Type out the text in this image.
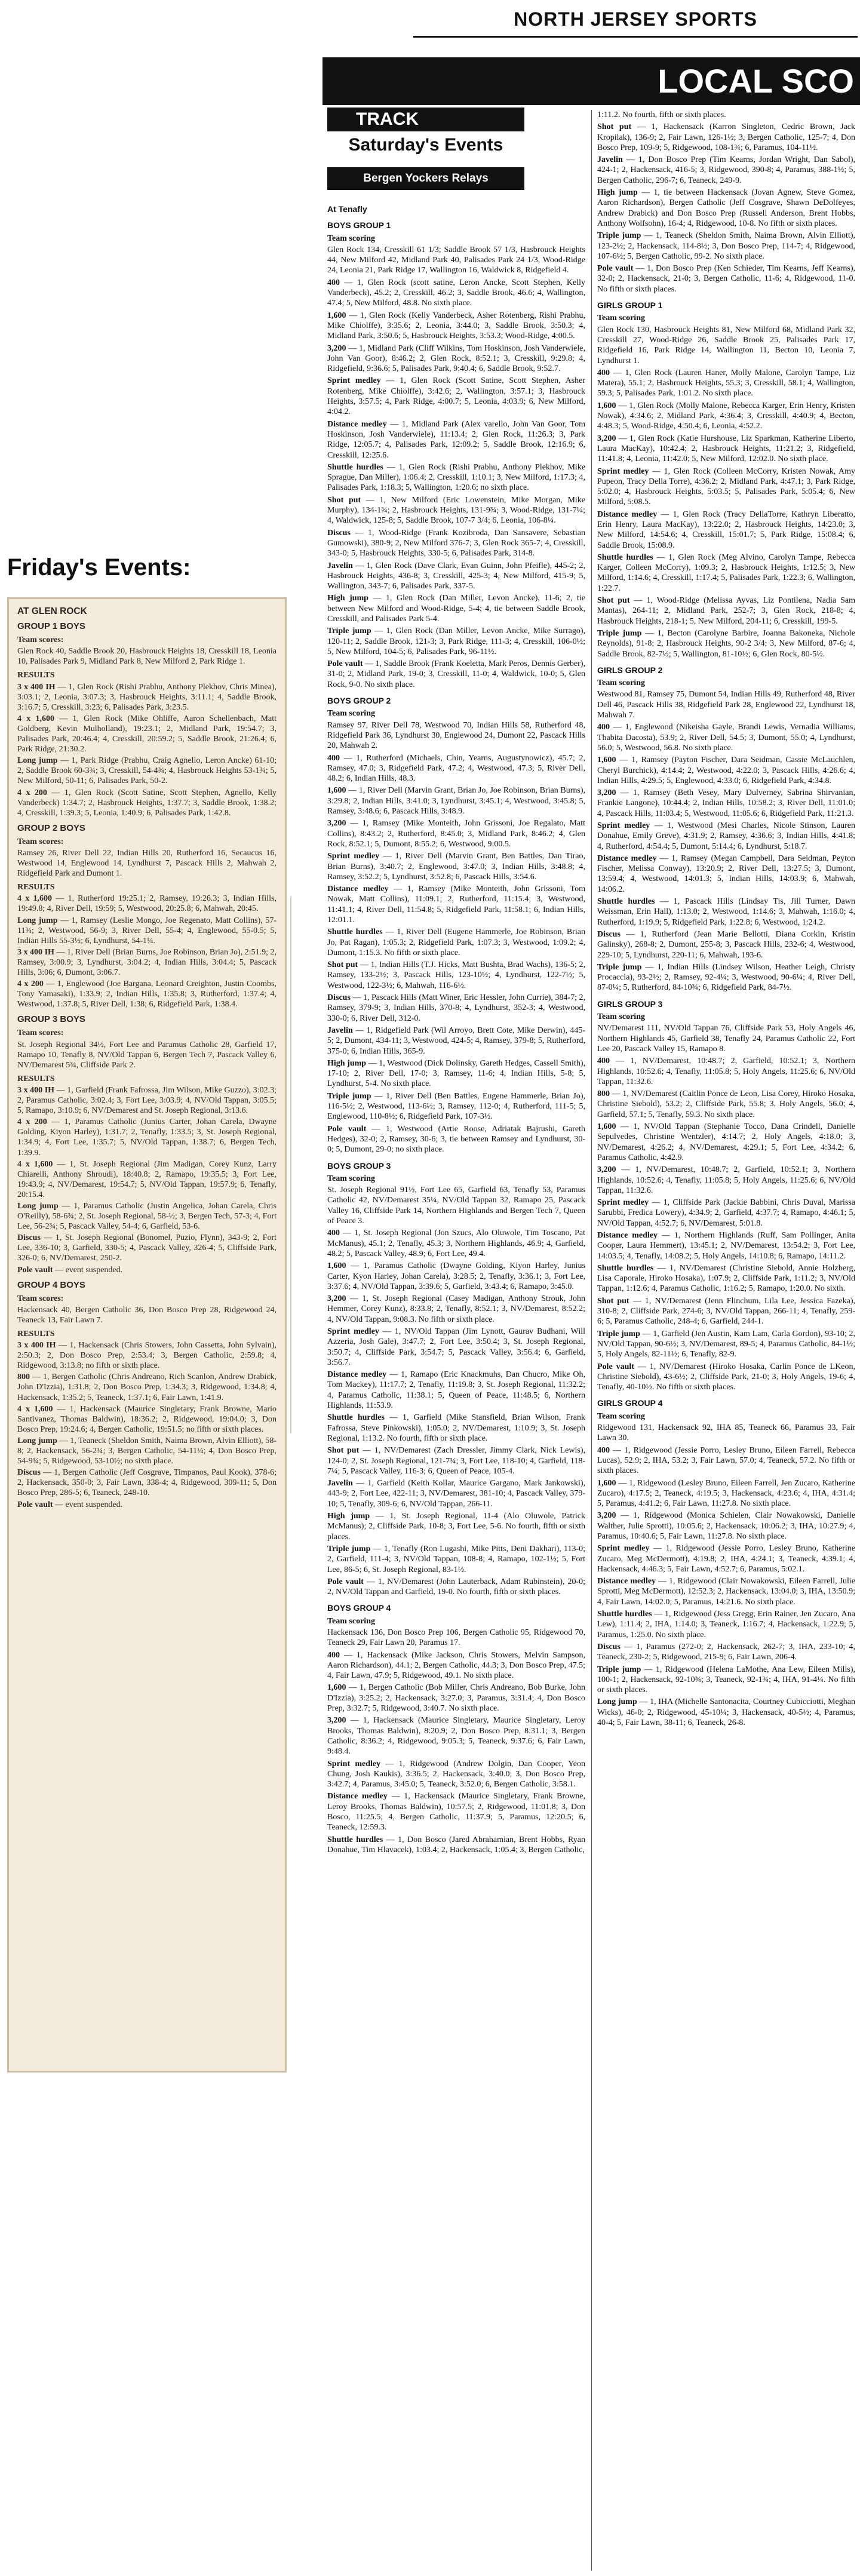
Friday's Events:
AT GLEN ROCK
GROUP 1 BOYS
Team scores:
Glen Rock 40, Saddle Brook 20, Hasbrouck Heights 18, Cresskill 18, Leonia 10, Palisades Park 9, Midland Park 8, New Milford 2, Park Ridge 1.
RESULTS
3 x 400 IH — 1, Glen Rock (Rishi Prabhu, Anthony Plekhov, Chris Minea), 3:03.1; 2, Leonia, 3:07.3; 3, Hasbrouck Heights, 3:11.1; 4, Saddle Brook, 3:16.7; 5, Cresskill, 3:23; 6, Palisades Park, 3:23.5.
4 x 1,600 — 1, Glen Rock (Mike Ohliffe, Aaron Schellenbach, Matt Goldberg, Kevin Mulholland), 19:23.1; 2, Midland Park, 19:54.7; 3, Palisades Park, 20:46.4; 4, Cresskill, 20:59.2; 5, Saddle Brook, 21:26.4; 6, Park Ridge, 21:30.2.
Long jump — 1, Park Ridge (Prabhu, Craig Agnello, Leron Ancke) 61-10; 2, Saddle Brook 60-3¾; 3, Cresskill, 54-4¾; 4, Hasbrouck Heights 53-1¾; 5, New Milford, 50-11; 6, Palisades Park, 50-2.
4 x 200 — 1, Glen Rock (Scott Satine, Scott Stephen, Agnello, Kelly Vanderbeck) 1:34.7; 2, Hasbrouck Heights, 1:37.7; 3, Saddle Brook, 1:38.2; 4, Cresskill, 1:39.3; 5, Leonia, 1:40.9; 6, Palisades Park, 1:42.8.
GROUP 2 BOYS
Team scores:
Ramsey 26, River Dell 22, Indian Hills 20, Rutherford 16, Secaucus 16, Westwood 14, Englewood 14, Lyndhurst 7, Pascack Hills 2, Mahwah 2, Ridgefield Park and Dumont 1.
RESULTS
4 x 1,600 — 1, Rutherford 19:25.1; 2, Ramsey, 19:26.3; 3, Indian Hills, 19:49.8; 4, River Dell, 19:59; 5, Westwood, 20:25.8; 6, Mahwah, 20:45.
Long jump — 1, Ramsey (Leslie Mongo, Joe Regenato, Matt Collins), 57-11¾; 2, Westwood, 56-9; 3, River Dell, 55-4; 4, Englewood, 55-0.5; 5, Indian Hills 55-3½; 6, Lyndhurst, 54-1¼.
3 x 400 IH — 1, River Dell (Brian Burns, Joe Robinson, Brian Jo), 2:51.9; 2, Ramsey, 3:00.9; 3, Lyndhurst, 3:04.2; 4, Indian Hills, 3:04.4; 5, Pascack Hills, 3:06; 6, Dumont, 3:06.7.
4 x 200 — 1, Englewood (Joe Bargana, Leonard Creighton, Justin Coombs, Tony Yamasaki), 1:33.9; 2, Indian Hills, 1:35.8; 3, Rutherford, 1:37.4; 4, Westwood, 1:37.8; 5, River Dell, 1:38; 6, Ridgefield Park, 1:38.4.
GROUP 3 BOYS
Team scores:
St. Joseph Regional 34½, Fort Lee and Paramus Catholic 28, Garfield 17, Ramapo 10, Tenafly 8, NV/Old Tappan 6, Bergen Tech 7, Pascack Valley 6, NV/Demarest 5¾, Cliffside Park 2.
RESULTS
3 x 400 IH — 1, Garfield (Frank Fafrossa, Jim Wilson, Mike Guzzo), 3:02.3; 2, Paramus Catholic, 3:02.4; 3, Fort Lee, 3:03.9; 4, NV/Old Tappan, 3:05.5; 5, Ramapo, 3:10.9; 6, NV/Demarest and St. Joseph Regional, 3:13.6.
4 x 200 — 1, Paramus Catholic (Junius Carter, Johan Carela, Dwayne Golding, Kiyon Harley), 1:31.7; 2, Tenafly, 1:33.5; 3, St. Joseph Regional, 1:34.9; 4, Fort Lee, 1:35.7; 5, NV/Old Tappan, 1:38.7; 6, Bergen Tech, 1:39.9.
4 x 1,600 — 1, St. Joseph Regional (Jim Madigan, Corey Kunz, Larry Chiarelli, Anthony Shroudi), 18:40.8; 2, Ramapo, 19:35.5; 3, Fort Lee, 19:43.9; 4, NV/Demarest, 19:54.7; 5, NV/Old Tappan, 19:57.9; 6, Tenafly, 20:15.4.
Long jump — 1, Paramus Catholic (Justin Angelica, Johan Carela, Chris O'Reilly), 58-6¾; 2, St. Joseph Regional, 58-½; 3, Bergen Tech, 57-3; 4, Fort Lee, 56-2¾; 5, Pascack Valley, 54-4; 6, Garfield, 53-6.
Discus — 1, St. Joseph Regional (Bonomel, Puzio, Flynn), 343-9; 2, Fort Lee, 336-10; 3, Garfield, 330-5; 4, Pascack Valley, 326-4; 5, Cliffside Park, 326-0; 6, NV/Demarest, 250-2.
Pole vault — event suspended.
GROUP 4 BOYS
Team scores:
Hackensack 40, Bergen Catholic 36, Don Bosco Prep 28, Ridgewood 24, Teaneck 13, Fair Lawn 7.
RESULTS
3 x 400 IH — 1, Hackensack (Chris Stowers, John Cassetta, John Sylvain), 2:50.3; 2, Don Bosco Prep, 2:53.4; 3, Bergen Catholic, 2:59.8; 4, Ridgewood, 3:13.8; no fifth or sixth place.
800 — 1, Bergen Catholic (Chris Andreano, Rich Scanlon, Andrew Drabick, John D'Izzia), 1:31.8; 2, Don Bosco Prep, 1:34.3; 3, Ridgewood, 1:34.8; 4, Hackensack, 1:35.2; 5, Teaneck, 1:37.1; 6, Fair Lawn, 1:41.9.
4 x 1,600 — 1, Hackensack (Maurice Singletary, Frank Browne, Mario Santivanez, Thomas Baldwin), 18:36.2; 2, Ridgewood, 19:04.0; 3, Don Bosco Prep, 19:24.6; 4, Bergen Catholic, 19:51.5; no fifth or sixth places.
Long jump — 1, Teaneck (Sheldon Smith, Naima Brown, Alvin Elliott), 58-8; 2, Hackensack, 56-2¾; 3, Bergen Catholic, 54-11¼; 4, Don Bosco Prep, 54-9¾; 5, Ridgewood, 53-10½; no sixth place.
Discus — 1, Bergen Catholic (Jeff Cosgrave, Timpanos, Paul Kook), 378-6; 2, Hackensack, 350-0; 3, Fair Lawn, 338-4; 4, Ridgewood, 309-11; 5, Don Bosco Prep, 286-5; 6, Teaneck, 248-10.
Pole vault — event suspended.
NORTH JERSEY SPORTS
LOCAL SCO
TRACK
Saturday's Events
Bergen Yockers Relays
At Tenafly
BOYS GROUP 1
Team scoring
Glen Rock 134, Cresskill 61 1/3; Saddle Brook 57 1/3, Hasbrouck Heights 44, New Milford 42, Midland Park 40, Palisades Park 24 1/3, Wood-Ridge 24, Leonia 21, Park Ridge 17, Wallington 16, Waldwick 8, Ridgefield 4.
400 — 1, Glen Rock (scott satine, Leron Ancke, Scott Stephen, Kelly Vanderbeck), 45.2; 2, Cresskill, 46.2; 3, Saddle Brook, 46.6; 4, Wallington, 47.4; 5, New Milford, 48.8. No sixth place.
1,600 — 1, Glen Rock (Kelly Vanderbeck, Asher Rotenberg, Rishi Prabhu, Mike Chiolffe), 3:35.6; 2, Leonia, 3:44.0; 3, Saddle Brook, 3:50.3; 4, Midland Park, 3:50.6; 5, Hasbrouck Heights, 3:53.3; Wood-Ridge, 4:00.5.
3,200 — 1, Midland Park (Cliff Wilkins, Tom Hoskinson, Josh Vanderwiele, John Van Goor), 8:46.2; 2, Glen Rock, 8:52.1; 3, Cresskill, 9:29.8; 4, Ridgefield, 9:36.6; 5, Palisades Park, 9:40.4; 6, Saddle Brook, 9:52.7.
Sprint medley — 1, Glen Rock (Scott Satine, Scott Stephen, Asher Rotenberg, Mike Chiolffe), 3:42.6; 2, Wallington, 3:57.1; 3, Hasbrouck Heights, 3:57.5; 4, Park Ridge, 4:00.7; 5, Leonia, 4:03.9; 6, New Milford, 4:04.2.
Distance medley — 1, Midland Park (Alex varello, John Van Goor, Tom Hoskinson, Josh Vanderwiele), 11:13.4; 2, Glen Rock, 11:26.3; 3, Park Ridge, 12:05.7; 4, Palisades Park, 12:09.2; 5, Saddle Brook, 12:16.9; 6, Cresskill, 12:25.6.
Shuttle hurdles — 1, Glen Rock (Rishi Prabhu, Anthony Plekhov, Mike Sprague, Dan Miller), 1:06.4; 2, Cresskill, 1:10.1; 3, New Milford, 1:17.3; 4, Palisades Park, 1:18.3; 5, Wallington, 1:20.6; no sixth place.
Shot put — 1, New Milford (Eric Lowenstein, Mike Morgan, Mike Murphy), 134-1¾; 2, Hasbrouck Heights, 131-9¾; 3, Wood-Ridge, 131-7¼; 4, Waldwick, 125-8; 5, Saddle Brook, 107-7 3/4; 6, Leonia, 106-8¼.
Discus — 1, Wood-Ridge (Frank Kozibroda, Dan Sansavere, Sebastian Gumowski), 380-9; 2, New Milford 376-7; 3, Glen Rock 365-7; 4, Cresskill, 343-0; 5, Hasbrouck Heights, 330-5; 6, Palisades Park, 314-8.
Javelin — 1, Glen Rock (Dave Clark, Evan Guinn, John Pfeifle), 445-2; 2, Hasbrouck Heights, 436-8; 3, Cresskill, 425-3; 4, New Milford, 415-9; 5, Wallington, 343-7; 6, Palisades Park, 337-5.
High jump — 1, Glen Rock (Dan Miller, Levon Ancke), 11-6; 2, tie between New Milford and Wood-Ridge, 5-4; 4, tie between Saddle Brook, Cresskill, and Palisades Park 5-4.
Triple jump — 1, Glen Rock (Dan Miller, Levon Ancke, Mike Surrago), 120-11; 2, Saddle Brook, 121-3; 3, Park Ridge, 111-3; 4, Cresskill, 106-0½; 5, New Milford, 104-5; 6, Palisades Park, 96-11½.
Pole vault — 1, Saddle Brook (Frank Koeletta, Mark Peros, Dennis Gerber), 31-0; 2, Midland Park, 19-0; 3, Cresskill, 11-0; 4, Waldwick, 10-0; 5, Glen Rock, 9-0. No sixth place.
BOYS GROUP 2
Team scoring
Ramsey 97, River Dell 78, Westwood 70, Indian Hills 58, Rutherford 48, Ridgefield Park 36, Lyndhurst 30, Englewood 24, Dumont 22, Pascack Hills 20, Mahwah 2.
400 — 1, Rutherford (Michaels, Chin, Yearns, Augustynowicz), 45.7; 2, Ramsey, 47.0; 3, Ridgefield Park, 47.2; 4, Westwood, 47.3; 5, River Dell, 48.2; 6, Indian Hills, 48.3.
1,600 — 1, River Dell (Marvin Grant, Brian Jo, Joe Robinson, Brian Burns), 3:29.8; 2, Indian Hills, 3:41.0; 3, Lyndhurst, 3:45.1; 4, Westwood, 3:45.8; 5, Ramsey, 3:48.6; 6, Pascack Hills, 3:48.9.
3,200 — 1, Ramsey (Mike Monteith, John Grissoni, Joe Regalato, Matt Collins), 8:43.2; 2, Rutherford, 8:45.0; 3, Midland Park, 8:46.2; 4, Glen Rock, 8:52.1; 5, Dumont, 8:55.2; 6, Westwood, 9:00.5.
Sprint medley — 1, River Dell (Marvin Grant, Ben Battles, Dan Tirao, Brian Burns), 3:40.7; 2, Englewood, 3:47.0; 3, Indian Hills, 3:48.8; 4, Ramsey, 3:52.2; 5, Lyndhurst, 3:52.8; 6, Pascack Hills, 3:54.6.
Distance medley — 1, Ramsey (Mike Monteith, John Grissoni, Tom Nowak, Matt Collins), 11:09.1; 2, Rutherford, 11:15.4; 3, Westwood, 11:41.1; 4, River Dell, 11:54.8; 5, Ridgefield Park, 11:58.1; 6, Indian Hills, 12:01.1.
Shuttle hurdles — 1, River Dell (Eugene Hammerle, Joe Robinson, Brian Jo, Pat Ragan), 1:05.3; 2, Ridgefield Park, 1:07.3; 3, Westwood, 1:09.2; 4, Dumont, 1:15.3. No fifth or sixth place.
Shot put — 1, Indian Hills (T.J. Hicks, Matt Bushta, Brad Wachs), 136-5; 2, Ramsey, 133-2½; 3, Pascack Hills, 123-10½; 4, Lyndhurst, 122-7½; 5, Westwood, 122-3½; 6, Mahwah, 116-6½.
Discus — 1, Pascack Hills (Matt Winer, Eric Hessler, John Currie), 384-7; 2, Ramsey, 379-9; 3, Indian Hills, 370-8; 4, Lyndhurst, 352-3; 4, Westwood, 330-0; 6, River Dell, 312-0.
Javelin — 1, Ridgefield Park (Wil Arroyo, Brett Cote, Mike Derwin), 445-5; 2, Dumont, 434-11; 3, Westwood, 424-5; 4, Ramsey, 379-8; 5, Rutherford, 375-0; 6, Indian Hills, 365-9.
High jump — 1, Westwood (Dick Dolinsky, Gareth Hedges, Cassell Smith), 17-10; 2, River Dell, 17-0; 3, Ramsey, 11-6; 4, Indian Hills, 5-8; 5, Lyndhurst, 5-4. No sixth place.
Triple jump — 1, River Dell (Ben Battles, Eugene Hammerle, Brian Jo), 116-5½; 2, Westwood, 113-6½; 3, Ramsey, 112-0; 4, Rutherford, 111-5; 5, Englewood, 110-8½; 6, Ridgefield Park, 107-3½.
Pole vault — 1, Westwood (Artie Roose, Adriatak Bajrushi, Gareth Hedges), 32-0; 2, Ramsey, 30-6; 3, tie between Ramsey and Lyndhurst, 30-0; 5, Dumont, 29-0; no sixth place.
BOYS GROUP 3
Team scoring
St. Joseph Regional 91½, Fort Lee 65, Garfield 63, Tenafly 53, Paramus Catholic 42, NV/Demarest 35¼, NV/Old Tappan 32, Ramapo 25, Pascack Valley 16, Cliffside Park 14, Northern Highlands and Bergen Tech 7, Queen of Peace 3.
400 — 1, St. Joseph Regional (Jon Szucs, Alo Oluwole, Tim Toscano, Pat McManus), 45.1; 2, Tenafly, 45.3; 3, Northern Highlands, 46.9; 4, Garfield, 48.2; 5, Pascack Valley, 48.9; 6, Fort Lee, 49.4.
1,600 — 1, Paramus Catholic (Dwayne Golding, Kiyon Harley, Junius Carter, Kyon Harley, Johan Carela), 3:28.5; 2, Tenafly, 3:36.1; 3, Fort Lee, 3:37.6; 4, NV/Old Tappan, 3:39.6; 5, Garfield, 3:43.4; 6, Ramapo, 3:45.0.
3,200 — 1, St. Joseph Regional (Casey Madigan, Anthony Strouk, John Hemmer, Corey Kunz), 8:33.8; 2, Tenafly, 8:52.1; 3, NV/Demarest, 8:52.2; 4, NV/Old Tappan, 9:08.3. No fifth or sixth place.
Sprint medley — 1, NV/Old Tappan (Jim Lynott, Gaurav Budhani, Will Azzeria, Josh Gale), 3:47.7; 2, Fort Lee, 3:50.4; 3, St. Joseph Regional, 3:50.7; 4, Cliffside Park, 3:54.7; 5, Pascack Valley, 3:56.4; 6, Garfield, 3:56.7.
Distance medley — 1, Ramapo (Eric Knackmuhs, Dan Chucro, Mike Oh, Tom Mackey), 11:17.7; 2, Tenafly, 11:19.8; 3, St. Joseph Regional, 11:32.2; 4, Paramus Catholic, 11:38.1; 5, Queen of Peace, 11:48.5; 6, Northern Highlands, 11:53.9.
Shuttle hurdles — 1, Garfield (Mike Stansfield, Brian Wilson, Frank Fafrossa, Steve Pinkowski), 1:05.0; 2, NV/Demarest, 1:10.9; 3, St. Joseph Regional, 1:13.2. No fourth, fifth or sixth place.
Shot put — 1, NV/Demarest (Zach Dressler, Jimmy Clark, Nick Lewis), 124-0; 2, St. Joseph Regional, 121-7¾; 3, Fort Lee, 118-10; 4, Garfield, 118-7¼; 5, Pascack Valley, 116-3; 6, Queen of Peace, 105-4.
Javelin — 1, Garfield (Keith Kollar, Maurice Gargano, Mark Jankowski), 443-9; 2, Fort Lee, 422-11; 3, NV/Demarest, 381-10; 4, Pascack Valley, 379-10; 5, Tenafly, 309-6; 6, NV/Old Tappan, 266-11.
High jump — 1, St. Joseph Regional, 11-4 (Alo Oluwole, Patrick McManus); 2, Cliffside Park, 10-8; 3, Fort Lee, 5-6. No fourth, fifth or sixth places.
Triple jump — 1, Tenafly (Ron Lugashi, Mike Pitts, Deni Dakhari), 113-0; 2, Garfield, 111-4; 3, NV/Old Tappan, 108-8; 4, Ramapo, 102-1½; 5, Fort Lee, 86-5; 6, St. Joseph Regional, 83-1½.
Pole vault — 1, NV/Demarest (John Lauterback, Adam Rubinstein), 20-0; 2, NV/Old Tappan and Garfield, 19-0. No fourth, fifth or sixth places.
BOYS GROUP 4
Team scoring
Hackensack 136, Don Bosco Prep 106, Bergen Catholic 95, Ridgewood 70, Teaneck 29, Fair Lawn 20, Paramus 17.
400 — 1, Hackensack (Mike Jackson, Chris Stowers, Melvin Sampson, Aaron Richardson), 44.1; 2, Bergen Catholic, 44.3; 3, Don Bosco Prep, 47.5; 4, Fair Lawn, 47.9; 5, Ridgewood, 49.1. No sixth place.
1,600 — 1, Bergen Catholic (Bob Miller, Chris Andreano, Bob Burke, John D'Izzia), 3:25.2; 2, Hackensack, 3:27.0; 3, Paramus, 3:31.4; 4, Don Bosco Prep, 3:32.7; 5, Ridgewood, 3:40.7. No sixth place.
3,200 — 1, Hackensack (Maurice Singletary, Maurice Singletary, Leroy Brooks, Thomas Baldwin), 8:20.9; 2, Don Bosco Prep, 8:31.1; 3, Bergen Catholic, 8:36.2; 4, Ridgewood, 9:05.3; 5, Teaneck, 9:37.6; 6, Fair Lawn, 9:48.4.
Sprint medley — 1, Ridgewood (Andrew Dolgin, Dan Cooper, Yeon Chung, Josh Kaukis), 3:36.5; 2, Hackensack, 3:40.0; 3, Don Bosco Prep, 3:42.7; 4, Paramus, 3:45.0; 5, Teaneck, 3:52.0; 6, Bergen Catholic, 3:58.1.
Distance medley — 1, Hackensack (Maurice Singletary, Frank Browne, Leroy Brooks, Thomas Baldwin), 10:57.5; 2, Ridgewood, 11:01.8; 3, Don Bosco, 11:25.5; 4, Bergen Catholic, 11:37.9; 5, Paramus, 12:20.5; 6, Teaneck, 12:59.3.
Shuttle hurdles — 1, Don Bosco (Jared Abrahamian, Brent Hobbs, Ryan Donahue, Tim Hlavacek), 1:03.4; 2, Hackensack, 1:05.4; 3, Bergen Catholic,
1:11.2. No fourth, fifth or sixth places.
Shot put — 1, Hackensack (Karron Singleton, Cedric Brown, Jack Kropilak), 136-9; 2, Fair Lawn, 126-1½; 3, Bergen Catholic, 125-7; 4, Don Bosco Prep, 109-9; 5, Ridgewood, 108-1¾; 6, Paramus, 104-11½.
Javelin — 1, Don Bosco Prep (Tim Kearns, Jordan Wright, Dan Sabol), 424-1; 2, Hackensack, 416-5; 3, Ridgewood, 390-8; 4, Paramus, 388-1½; 5, Bergen Catholic, 296-7; 6, Teaneck, 249-9.
High jump — 1, tie between Hackensack (Jovan Agnew, Steve Gomez, Aaron Richardson), Bergen Catholic (Jeff Cosgrave, Shawn DeDolfeyes, Andrew Drabick) and Don Bosco Prep (Russell Anderson, Brent Hobbs, Anthony Wolfsohn), 16-4; 4, Ridgewood, 10-8. No fifth or sixth places.
Triple jump — 1, Teaneck (Sheldon Smith, Naima Brown, Alvin Elliott), 123-2½; 2, Hackensack, 114-8½; 3, Don Bosco Prep, 114-7; 4, Ridgewood, 107-6½; 5, Bergen Catholic, 99-2. No sixth place.
Pole vault — 1, Don Bosco Prep (Ken Schieder, Tim Kearns, Jeff Kearns), 32-0; 2, Hackensack, 21-0; 3, Bergen Catholic, 11-6; 4, Ridgewood, 11-0. No fifth or sixth places.
GIRLS GROUP 1
Team scoring
Glen Rock 130, Hasbrouck Heights 81, New Milford 68, Midland Park 32, Cresskill 27, Wood-Ridge 26, Saddle Brook 25, Palisades Park 17, Ridgefield 16, Park Ridge 14, Wallington 11, Becton 10, Leonia 7, Lyndhurst 1.
400 — 1, Glen Rock (Lauren Haner, Molly Malone, Carolyn Tampe, Liz Matera), 55.1; 2, Hasbrouck Heights, 55.3; 3, Cresskill, 58.1; 4, Wallington, 59.3; 5, Palisades Park, 1:01.2. No sixth place.
1,600 — 1, Glen Rock (Molly Malone, Rebecca Karger, Erin Henry, Kristen Nowak), 4:34.6; 2, Midland Park, 4:36.4; 3, Cresskill, 4:40.9; 4, Becton, 4:48.3; 5, Wood-Ridge, 4:50.4; 6, Leonia, 4:52.2.
3,200 — 1, Glen Rock (Katie Hurshouse, Liz Sparkman, Katherine Liberto, Laura MacKay), 10:42.4; 2, Hasbrouck Heights, 11:21.2; 3, Ridgefield, 11:41.8; 4, Leonia, 11:42.0; 5, New Milford, 12:02.0. No sixth place.
Sprint medley — 1, Glen Rock (Colleen McCorry, Kristen Nowak, Amy Pupeon, Tracy Della Torre), 4:36.2; 2, Midland Park, 4:47.1; 3, Park Ridge, 5:02.0; 4, Hasbrouck Heights, 5:03.5; 5, Palisades Park, 5:05.4; 6, New Milford, 5:08.5.
Distance medley — 1, Glen Rock (Tracy DellaTorre, Kathryn Liberatto, Erin Henry, Laura MacKay), 13:22.0; 2, Hasbrouck Heights, 14:23.0; 3, New Milford, 14:54.6; 4, Cresskill, 15:01.7; 5, Park Ridge, 15:08.4; 6, Saddle Brook, 15:08.9.
Shuttle hurdles — 1, Glen Rock (Meg Alvino, Carolyn Tampe, Rebecca Karger, Colleen McCorry), 1:09.3; 2, Hasbrouck Heights, 1:12.5; 3, New Milford, 1:14.6; 4, Cresskill, 1:17.4; 5, Palisades Park, 1:22.3; 6, Wallington, 1:22.7.
Shot put — 1, Wood-Ridge (Melissa Ayvas, Liz Pontilena, Nadia Sam Mantas), 264-11; 2, Midland Park, 252-7; 3, Glen Rock, 218-8; 4, Hasbrouck Heights, 218-1; 5, New Milford, 204-11; 6, Cresskill, 199-5.
Triple jump — 1, Becton (Carolyne Barbire, Joanna Bakoneka, Nichole Reynolds), 91-8; 2, Hasbrouck Heights, 90-2 3/4; 3, New Milford, 87-6; 4, Saddle Brook, 82-7½; 5, Wallington, 81-10½; 6, Glen Rock, 80-5½.
GIRLS GROUP 2
Team scoring
Westwood 81, Ramsey 75, Dumont 54, Indian Hills 49, Rutherford 48, River Dell 46, Pascack Hills 38, Ridgefield Park 28, Englewood 22, Lyndhurst 18, Mahwah 7.
400 — 1, Englewood (Nikeisha Gayle, Brandi Lewis, Vernadia Williams, Thabita Dacosta), 53.9; 2, River Dell, 54.5; 3, Dumont, 55.0; 4, Lyndhurst, 56.0; 5, Westwood, 56.8. No sixth place.
1,600 — 1, Ramsey (Payton Fischer, Dara Seidman, Cassie McLauchlen, Cheryl Burchick), 4:14.4; 2, Westwood, 4:22.0; 3, Pascack Hills, 4:26.6; 4, Indian Hills, 4:29.5; 5, Englewood, 4:33.0; 6, Ridgefield Park, 4:34.8.
3,200 — 1, Ramsey (Beth Vesey, Mary Dulverney, Sabrina Shirvanian, Frankie Langone), 10:44.4; 2, Indian Hills, 10:58.2; 3, River Dell, 11:01.0; 4, Pascack Hills, 11:03.4; 5, Westwood, 11:05.6; 6, Ridgefield Park, 11:21.3.
Sprint medley — 1, Westwood (Mesi Charles, Nicole Stinson, Lauren Donahue, Emily Greve), 4:31.9; 2, Ramsey, 4:36.6; 3, Indian Hills, 4:41.8; 4, Rutherford, 4:54.4; 5, Dumont, 5:14.4; 6, Lyndhurst, 5:18.7.
Distance medley — 1, Ramsey (Megan Campbell, Dara Seidman, Peyton Fischer, Melissa Conway), 13:20.9; 2, River Dell, 13:27.5; 3, Dumont, 13:59.4; 4, Westwood, 14:01.3; 5, Indian Hills, 14:03.9; 6, Mahwah, 14:06.2.
Shuttle hurdles — 1, Pascack Hills (Lindsay Tis, Jill Turner, Dawn Weissman, Erin Hall), 1:13.0; 2, Westwood, 1:14.6; 3, Mahwah, 1:16.0; 4, Rutherford, 1:19.9; 5, Ridgefield Park, 1:22.8; 6, Westwood, 1:24.2.
Discus — 1, Rutherford (Jean Marie Bellotti, Diana Corkin, Kristin Galinsky), 268-8; 2, Dumont, 255-8; 3, Pascack Hills, 232-6; 4, Westwood, 229-10; 5, Lyndhurst, 220-11; 6, Mahwah, 193-6.
Triple jump — 1, Indian Hills (Lindsey Wilson, Heather Leigh, Christy Procaccia), 93-2½; 2, Ramsey, 92-4¼; 3, Westwood, 90-6¼; 4, River Dell, 87-0¼; 5, Rutherford, 84-10¾; 6, Ridgefield Park, 84-7½.
GIRLS GROUP 3
Team scoring
NV/Demarest 111, NV/Old Tappan 76, Cliffside Park 53, Holy Angels 46, Northern Highlands 45, Garfield 38, Tenafly 24, Paramus Catholic 22, Fort Lee 20, Pascack Valley 15, Ramapo 8.
400 — 1, NV/Demarest, 10:48.7; 2, Garfield, 10:52.1; 3, Northern Highlands, 10:52.6; 4, Tenafly, 11:05.8; 5, Holy Angels, 11:25.6; 6, NV/Old Tappan, 11:32.6.
800 — 1, NV/Demarest (Caitlin Ponce de Leon, Lisa Corey, Hiroko Hosaka, Christine Siebold), 53.2; 2, Cliffside Park, 55.8; 3, Holy Angels, 56.0; 4, Garfield, 57.1; 5, Tenafly, 59.3. No sixth place.
1,600 — 1, NV/Old Tappan (Stephanie Tocco, Dana Crindell, Danielle Sepulvedes, Christine Wentzler), 4:14.7; 2, Holy Angels, 4:18.0; 3, NV/Demarest, 4:26.2; 4, NV/Demarest, 4:29.1; 5, Fort Lee, 4:34.2; 6, Paramus Catholic, 4:42.9.
3,200 — 1, NV/Demarest, 10:48.7; 2, Garfield, 10:52.1; 3, Northern Highlands, 10:52.6; 4, Tenafly, 11:05.8; 5, Holy Angels, 11:25.6; 6, NV/Old Tappan, 11:32.6.
Sprint medley — 1, Cliffside Park (Jackie Babbini, Chris Duval, Marissa Sarubbi, Fredica Lowery), 4:34.9; 2, Garfield, 4:37.7; 4, Ramapo, 4:46.1; 5, NV/Old Tappan, 4:52.7; 6, NV/Demarest, 5:01.8.
Distance medley — 1, Northern Highlands (Ruff, Sam Pollinger, Anita Cooper, Laura Hemmert), 13:45.1; 2, NV/Demarest, 13:54.2; 3, Fort Lee, 14:03.5; 4, Tenafly, 14:08.2; 5, Holy Angels, 14:10.8; 6, Ramapo, 14:11.2.
Shuttle hurdles — 1, NV/Demarest (Christine Siebold, Annie Holzberg, Lisa Caporale, Hiroko Hosaka), 1:07.9; 2, Cliffside Park, 1:11.2; 3, NV/Old Tappan, 1:12.6; 4, Paramus Catholic, 1:16.2; 5, Ramapo, 1:20.0. No sixth.
Shot put — 1, NV/Demarest (Jenn Flinchum, Lila Lee, Jessica Fazeka), 310-8; 2, Cliffside Park, 274-6; 3, NV/Old Tappan, 266-11; 4, Tenafly, 259-6; 5, Paramus Catholic, 248-4; 6, Garfield, 244-1.
Triple jump — 1, Garfield (Jen Austin, Kam Lam, Carla Gordon), 93-10; 2, NV/Old Tappan, 90-6½; 3, NV/Demarest, 89-5; 4, Paramus Catholic, 84-1½; 5, Holy Angels, 82-11½; 6, Tenafly, 82-9.
Pole vault — 1, NV/Demarest (Hiroko Hosaka, Carlin Ponce de LKeon, Christine Siebold), 43-6½; 2, Cliffside Park, 21-0; 3, Holy Angels, 19-6; 4, Tenafly, 40-10½. No fifth or sixth places.
GIRLS GROUP 4
Team scoring
Ridgewood 131, Hackensack 92, IHA 85, Teaneck 66, Paramus 33, Fair Lawn 30.
400 — 1, Ridgewood (Jessie Porro, Lesley Bruno, Eileen Farrell, Rebecca Lucas), 52.9; 2, IHA, 53.2; 3, Fair Lawn, 57.0; 4, Teaneck, 57.2. No fifth or sixth places.
1,600 — 1, Ridgewood (Lesley Bruno, Eileen Farrell, Jen Zucaro, Katherine Zucaro), 4:17.5; 2, Teaneck, 4:19.5; 3, Hackensack, 4:23.6; 4, IHA, 4:31.4; 5, Paramus, 4:41.2; 6, Fair Lawn, 11:27.8. No sixth place.
3,200 — 1, Ridgewood (Monica Schielen, Clair Nowakowski, Danielle Walther, Julie Sprotti), 10:05.6; 2, Hackensack, 10:06.2; 3, IHA, 10:27.9; 4, Paramus, 10:40.6; 5, Fair Lawn, 11:27.8. No sixth place.
Sprint medley — 1, Ridgewood (Jessie Porro, Lesley Bruno, Katherine Zucaro, Meg McDermott), 4:19.8; 2, IHA, 4:24.1; 3, Teaneck, 4:39.1; 4, Hackensack, 4:46.3; 5, Fair Lawn, 4:52.7; 6, Paramus, 5:02.1.
Distance medley — 1, Ridgewood (Clair Nowakowski, Eileen Farrell, Julie Sprotti, Meg McDermott), 12:52.3; 2, Hackensack, 13:04.0; 3, IHA, 13:50.9; 4, Fair Lawn, 14:02.0; 5, Paramus, 14:21.6. No sixth place.
Shuttle hurdles — 1, Ridgewood (Jess Gregg, Erin Rainer, Jen Zucaro, Ana Lew), 1:11.4; 2, IHA, 1:14.0; 3, Teaneck, 1:16.7; 4, Hackensack, 1:22.9; 5, Paramus, 1:25.0. No sixth place.
Discus — 1, Paramus (272-0; 2, Hackensack, 262-7; 3, IHA, 233-10; 4, Teaneck, 230-2; 5, Ridgewood, 215-9; 6, Fair Lawn, 206-4.
Triple jump — 1, Ridgewood (Helena LaMothe, Ana Lew, Eileen Mills), 100-1; 2, Hackensack, 92-10¾; 3, Teaneck, 92-1¾; 4, IHA, 91-4¼. No fifth or sixth places.
Long jump — 1, IHA (Michelle Santonacita, Courtney Cubicciotti, Meghan Wicks), 46-0; 2, Ridgewood, 45-10¼; 3, Hackensack, 40-5½; 4, Paramus, 40-4; 5, Fair Lawn, 38-11; 6, Teaneck, 26-8.
